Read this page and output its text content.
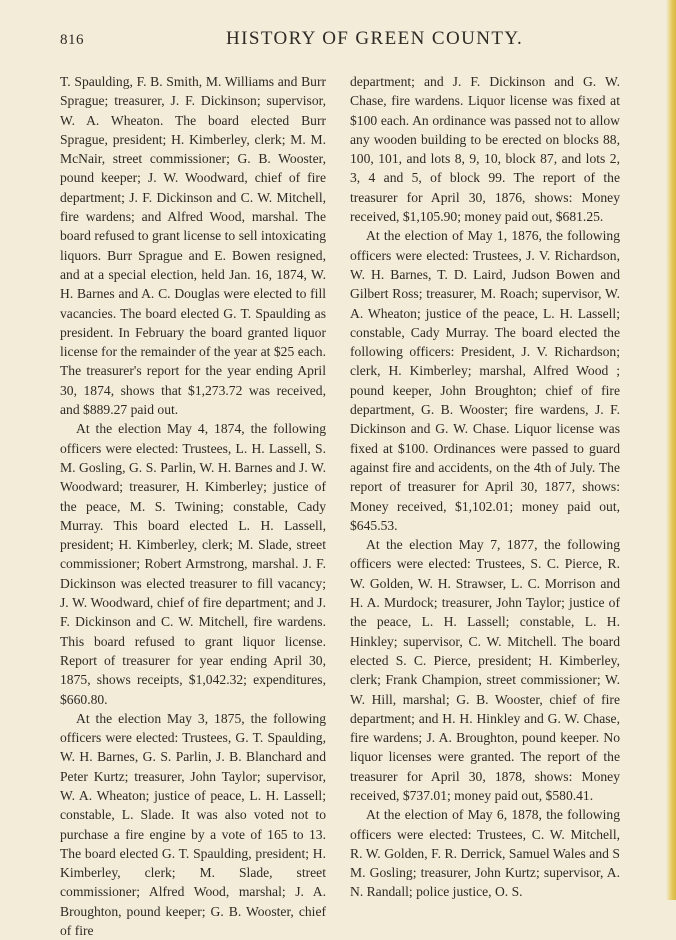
816	HISTORY OF GREEN COUNTY.

T. Spaulding, F. B. Smith, M. Williams and Burr Sprague; treasurer, J. F. Dickinson; supervisor, W. A. Wheaton. The board elected Burr Sprague, president; H. Kimberley, clerk; M. M. McNair, street commissioner; G. B. Wooster, pound keeper; J. W. Woodward, chief of fire department; J. F. Dickinson and C. W. Mitchell, fire wardens; and Alfred Wood, marshal. The board refused to grant license to sell intoxicating liquors. Burr Sprague and E. Bowen resigned, and at a special election, held Jan. 16, 1874, W. H. Barnes and A. C. Douglas were elected to fill vacancies. The board elected G. T. Spaulding as president. In February the board granted liquor license for the remainder of the year at $25 each. The treasurer's report for the year ending April 30, 1874, shows that $1,273.72 was received, and $889.27 paid out.

At the election May 4, 1874, the following officers were elected: Trustees, L. H. Lassell, S. M. Gosling, G. S. Parlin, W. H. Barnes and J. W. Woodward; treasurer, H. Kimberley; justice of the peace, M. S. Twining; constable, Cady Murray. This board elected L. H. Lassell, president; H. Kimberley, clerk; M. Slade, street commissioner; Robert Armstrong, marshal. J. F. Dickinson was elected treasurer to fill vacancy; J. W. Woodward, chief of fire department; and J. F. Dickinson and C. W. Mitchell, fire wardens. This board refused to grant liquor license. Report of treasurer for year ending April 30, 1875, shows receipts, $1,042.32; expenditures, $660.80.

At the election May 3, 1875, the following officers were elected: Trustees, G. T. Spaulding, W. H. Barnes, G. S. Parlin, J. B. Blanchard and Peter Kurtz; treasurer, John Taylor; supervisor, W. A. Wheaton; justice of peace, L. H. Lassell; constable, L. Slade. It was also voted not to purchase a fire engine by a vote of 165 to 13. The board elected G. T. Spaulding, president; H. Kimberley, clerk; M. Slade, street commissioner; Alfred Wood, marshal; J. A. Broughton, pound keeper; G. B. Wooster, chief of fire

department; and J. F. Dickinson and G. W. Chase, fire wardens. Liquor license was fixed at $100 each. An ordinance was passed not to allow any wooden building to be erected on blocks 88, 100, 101, and lots 8, 9, 10, block 87, and lots 2, 3, 4 and 5, of block 99. The report of the treasurer for April 30, 1876, shows: Money received, $1,105.90; money paid out, $681.25.

At the election of May 1, 1876, the following officers were elected: Trustees, J. V. Richardson, W. H. Barnes, T. D. Laird, Judson Bowen and Gilbert Ross; treasurer, M. Roach; supervisor, W. A. Wheaton; justice of the peace, L. H. Lassell; constable, Cady Murray. The board elected the following officers: President, J. V. Richardson; clerk, H. Kimberley; marshal, Alfred Wood ; pound keeper, John Broughton; chief of fire department, G. B. Wooster; fire wardens, J. F. Dickinson and G. W. Chase. Liquor license was fixed at $100. Ordinances were passed to guard against fire and accidents, on the 4th of July. The report of treasurer for April 30, 1877, shows: Money received, $1,102.01; money paid out, $645.53.

At the election May 7, 1877, the following officers were elected: Trustees, S. C. Pierce, R. W. Golden, W. H. Strawser, L. C. Morrison and H. A. Murdock; treasurer, John Taylor; justice of the peace, L. H. Lassell; constable, L. H. Hinkley; supervisor, C. W. Mitchell. The board elected S. C. Pierce, president; H. Kimberley, clerk; Frank Champion, street commissioner; W. W. Hill, marshal; G. B. Wooster, chief of fire department; and H. H. Hinkley and G. W. Chase, fire wardens; J. A. Broughton, pound keeper. No liquor licenses were granted. The report of the treasurer for April 30, 1878, shows: Money received, $737.01; money paid out, $580.41.

At the election of May 6, 1878, the following officers were elected: Trustees, C. W. Mitchell, R. W. Golden, F. R. Derrick, Samuel Wales and S M. Gosling; treasurer, John Kurtz; supervisor, A. N. Randall; police justice, O. S.
